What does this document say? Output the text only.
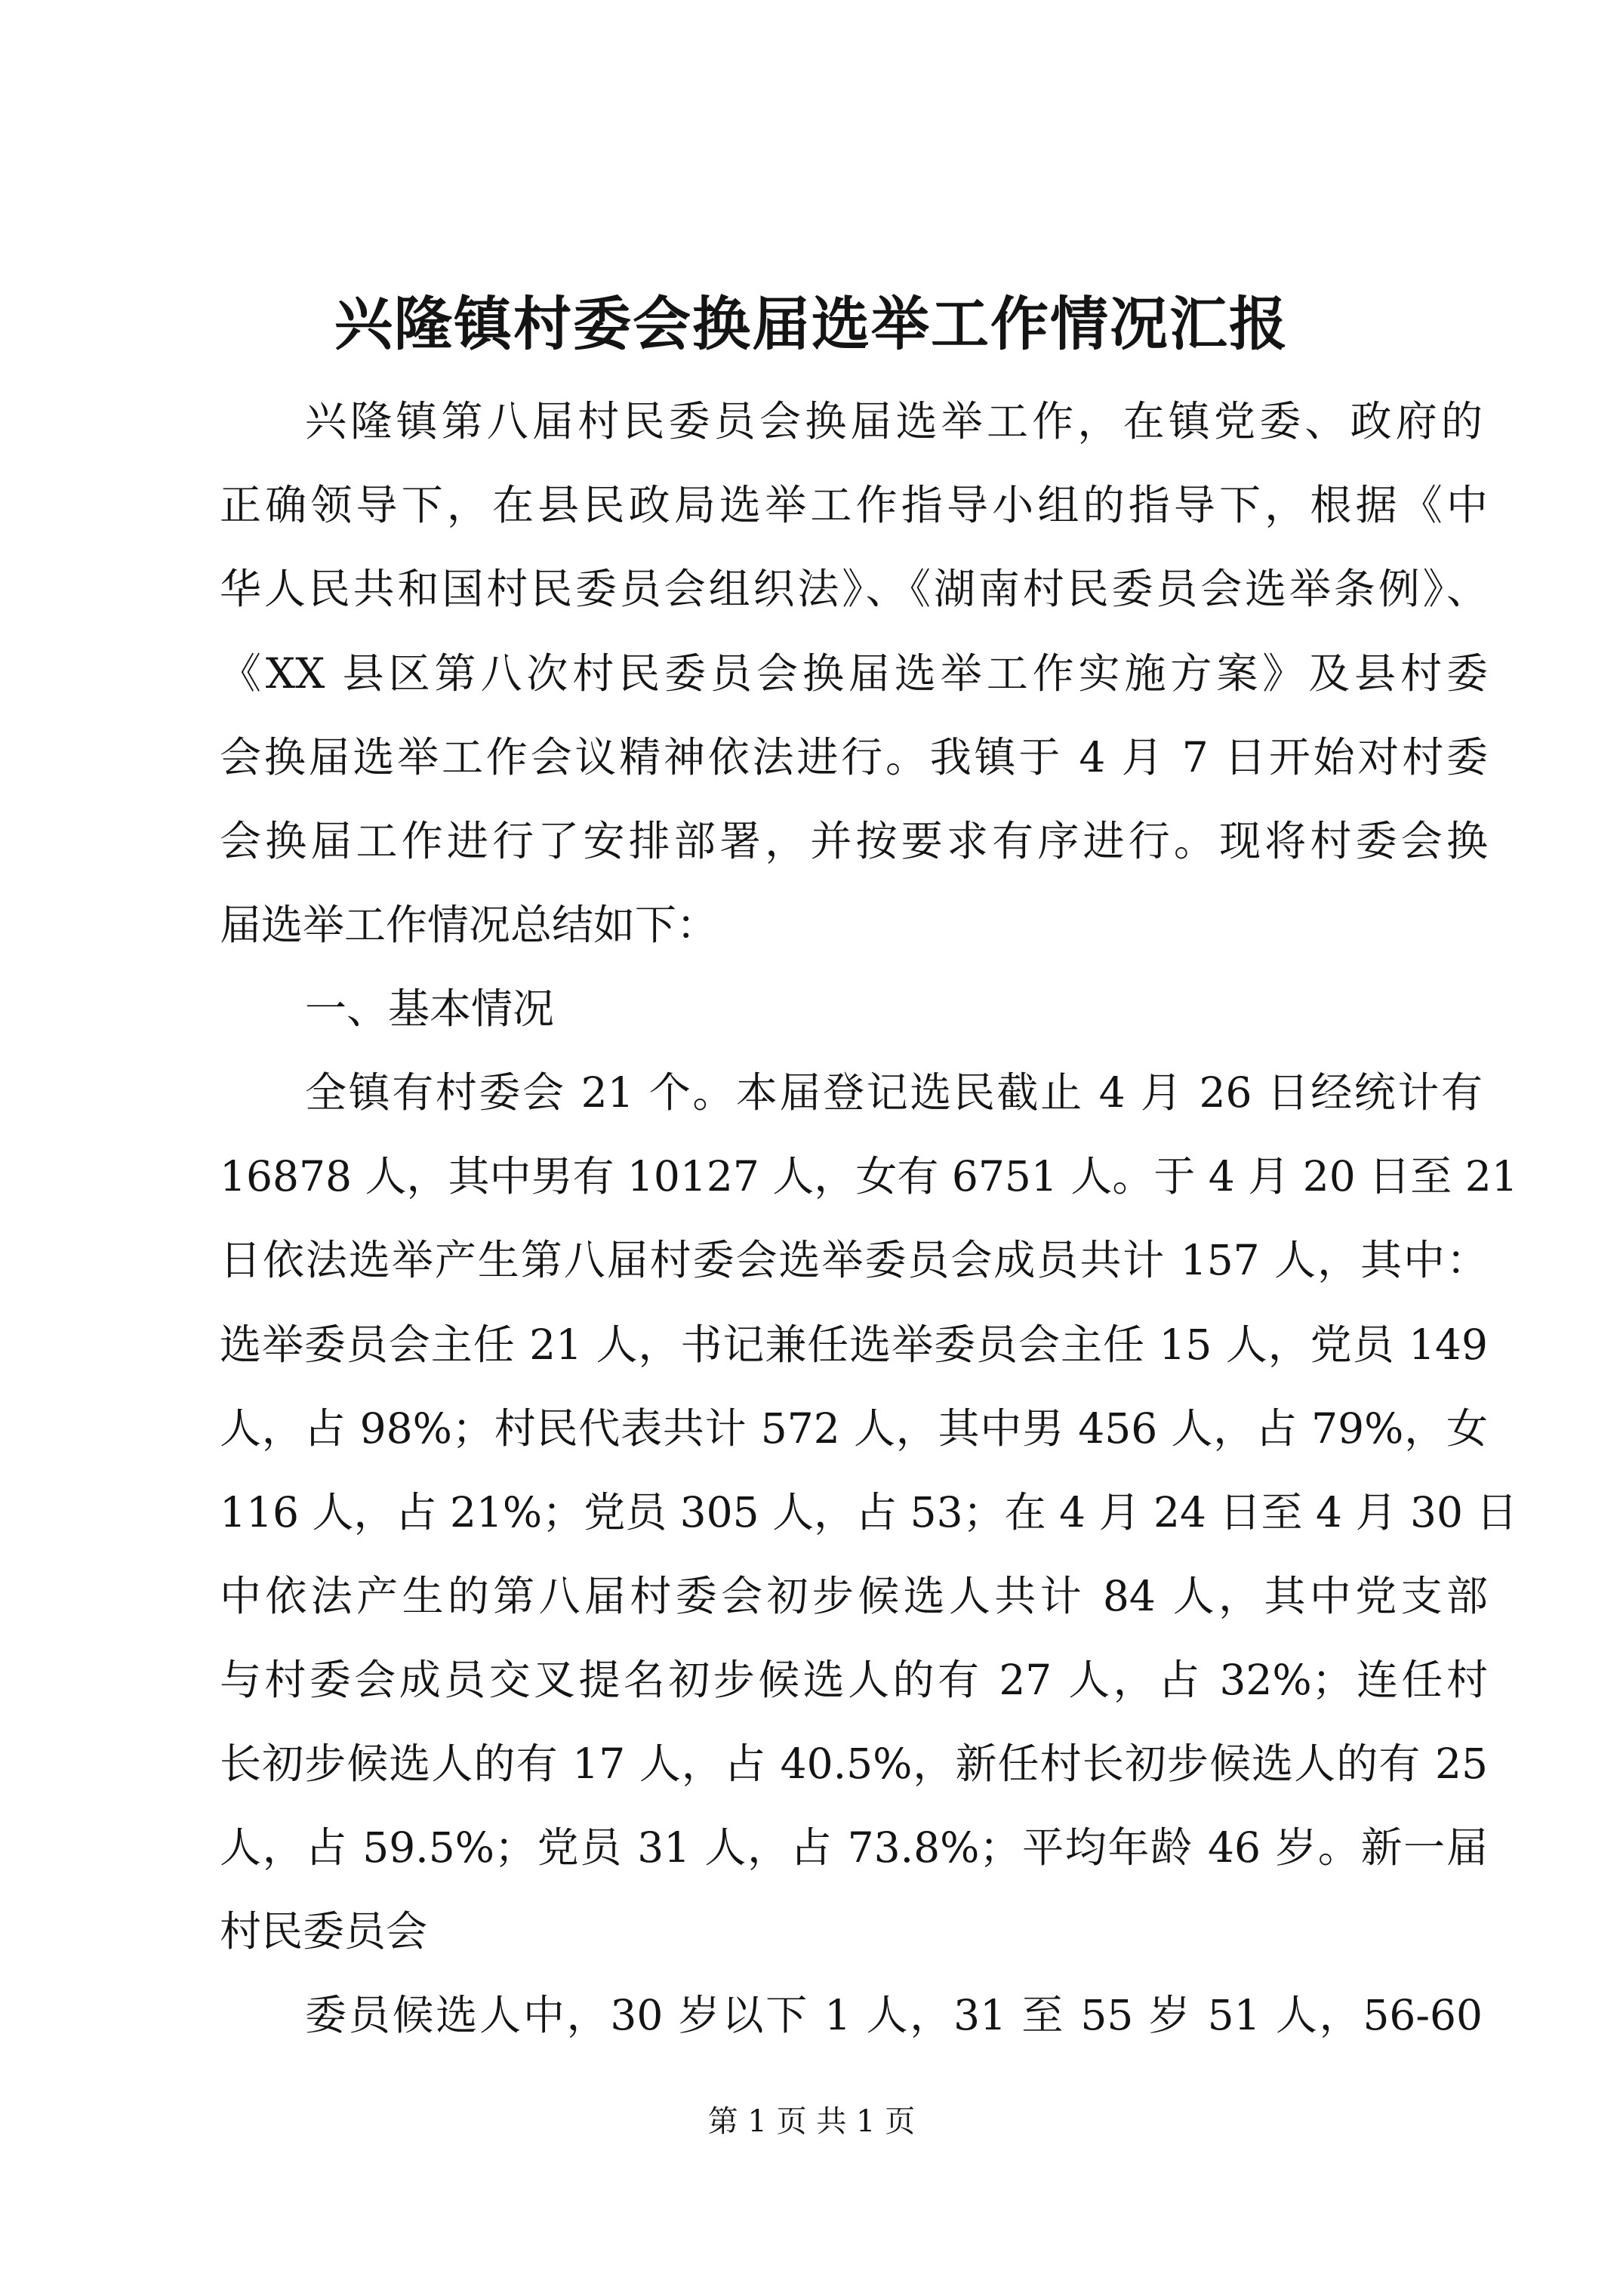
兴隆镇村委会换届选举工作情况汇报
兴隆镇第八届村民委员会换届选举工作，在镇党委、政府的
正确领导下，在县民政局选举工作指导小组的指导下，根据《中
华人民共和国村民委员会组织法》、《湖南村民委员会选举条例》、
《XX 县区第八次村民委员会换届选举工作实施方案》及县村委
会换届选举工作会议精神依法进行。我镇于 4 月 7 日开始对村委
会换届工作进行了安排部署，并按要求有序进行。现将村委会换
届选举工作情况总结如下：
一、基本情况
全镇有村委会 21 个。本届登记选民截止 4 月 26 日经统计有
16878 人，其中男有 10127 人，女有 6751 人。于 4 月 20 日至 21
日依法选举产生第八届村委会选举委员会成员共计 157 人，其中：
选举委员会主任 21 人，书记兼任选举委员会主任 15 人，党员 149
人，占 98%；村民代表共计 572 人，其中男 456 人，占 79%，女
116 人，占 21%；党员 305 人，占 53；在 4 月 24 日至 4 月 30 日
中依法产生的第八届村委会初步候选人共计 84 人，其中党支部
与村委会成员交叉提名初步候选人的有 27 人，占 32%；连任村
长初步候选人的有 17 人，占 40.5%，新任村长初步候选人的有 25
人，占 59.5%；党员 31 人，占 73.8%；平均年龄 46 岁。新一届
村民委员会
委员候选人中，30 岁以下 1 人，31 至 55 岁 51 人，56-60
第 1 页 共 1 页
